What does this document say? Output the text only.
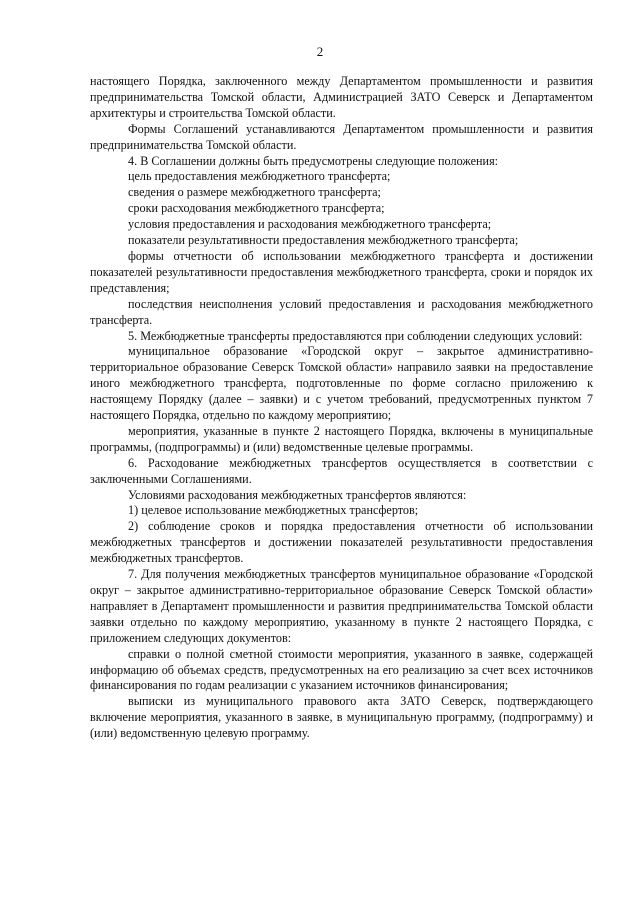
2

настоящего Порядка, заключенного между Департаментом промышленности и развития предпринимательства Томской области, Администрацией ЗАТО Северск и Департаментом архитектуры и строительства Томской области.

Формы Соглашений устанавливаются Департаментом промышленности и развития предпринимательства Томской области.

4. В Соглашении должны быть предусмотрены следующие положения:

цель предоставления межбюджетного трансферта;

сведения о размере межбюджетного трансферта;

сроки расходования межбюджетного трансферта;

условия предоставления и расходования межбюджетного трансферта;

показатели результативности предоставления межбюджетного трансферта;

формы отчетности об использовании межбюджетного трансферта и достижении показателей результативности предоставления межбюджетного трансферта, сроки и порядок их представления;

последствия неисполнения условий предоставления и расходования межбюджетного трансферта.

5. Межбюджетные трансферты предоставляются при соблюдении следующих условий:

муниципальное образование «Городской округ – закрытое административно-территориальное образование Северск Томской области» направило заявки на предоставление иного межбюджетного трансферта, подготовленные по форме согласно приложению к настоящему Порядку (далее – заявки) и с учетом требований, предусмотренных пунктом 7 настоящего Порядка, отдельно по каждому мероприятию;

мероприятия, указанные в пункте 2 настоящего Порядка, включены в муниципальные программы, (подпрограммы) и (или) ведомственные целевые программы.

6. Расходование межбюджетных трансфертов осуществляется в соответствии с заключенными Соглашениями.

Условиями расходования межбюджетных трансфертов являются:

1) целевое использование межбюджетных трансфертов;

2) соблюдение сроков и порядка предоставления отчетности об использовании межбюджетных трансфертов и достижении показателей результативности предоставления межбюджетных трансфертов.

7. Для получения межбюджетных трансфертов муниципальное образование «Городской округ – закрытое административно-территориальное образование Северск Томской области» направляет в Департамент промышленности и развития предпринимательства Томской области заявки отдельно по каждому мероприятию, указанному в пункте 2 настоящего Порядка, с приложением следующих документов:

справки о полной сметной стоимости мероприятия, указанного в заявке, содержащей информацию об объемах средств, предусмотренных на его реализацию за счет всех источников финансирования по годам реализации с указанием источников финансирования;

выписки из муниципального правового акта ЗАТО Северск, подтверждающего включение мероприятия, указанного в заявке, в муниципальную программу, (подпрограмму) и (или) ведомственную целевую программу.
